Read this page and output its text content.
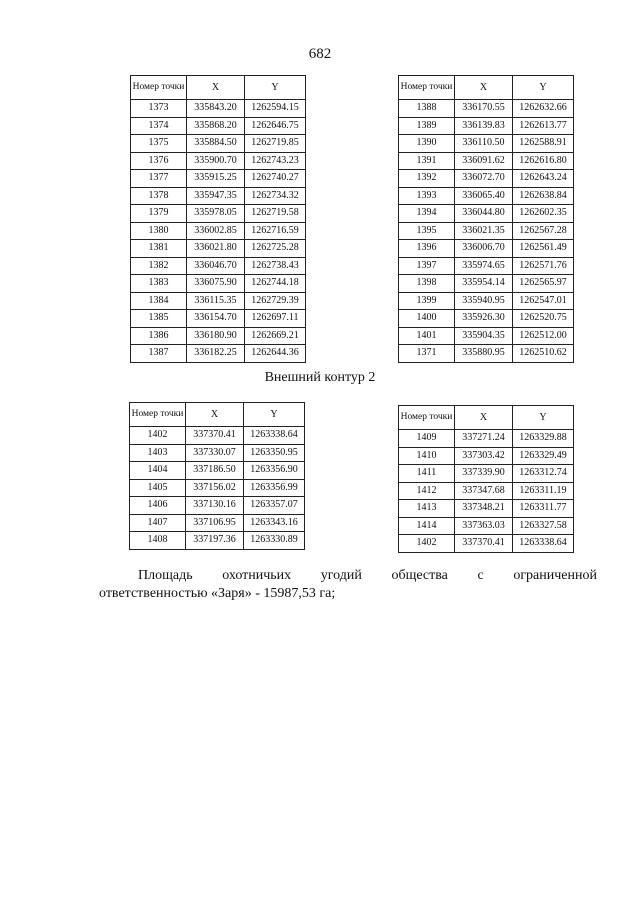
682
Номер точки	X	Y
1373	335843.20	1262594.15
1374	335868.20	1262646.75
1375	335884.50	1262719.85
1376	335900.70	1262743.23
1377	335915.25	1262740.27
1378	335947.35	1262734.32
1379	335978.05	1262719.58
1380	336002.85	1262716.59
1381	336021.80	1262725.28
1382	336046.70	1262738.43
1383	336075.90	1262744.18
1384	336115.35	1262729.39
1385	336154.70	1262697.11
1386	336180.90	1262669.21
1387	336182.25	1262644.36
Номер точки	X	Y
1388	336170.55	1262632.66
1389	336139.83	1262613.77
1390	336110.50	1262588.91
1391	336091.62	1262616.80
1392	336072.70	1262643.24
1393	336065.40	1262638.84
1394	336044.80	1262602.35
1395	336021.35	1262567.28
1396	336006.70	1262561.49
1397	335974.65	1262571.76
1398	335954.14	1262565.97
1399	335940.95	1262547.01
1400	335926.30	1262520.75
1401	335904.35	1262512.00
1371	335880.95	1262510.62
Внешний контур 2
Номер точки	X	Y
1402	337370.41	1263338.64
1403	337330.07	1263350.95
1404	337186.50	1263356.90
1405	337156.02	1263356.99
1406	337130.16	1263357.07
1407	337106.95	1263343.16
1408	337197.36	1263330.89
Номер точки	X	Y
1409	337271.24	1263329.88
1410	337303.42	1263329.49
1411	337339.90	1263312.74
1412	337347.68	1263311.19
1413	337348.21	1263311.77
1414	337363.03	1263327.58
1402	337370.41	1263338.64
Площадь охотничьих угодий общества с ограниченной
ответственностью «Заря» - 15987,53 га;
